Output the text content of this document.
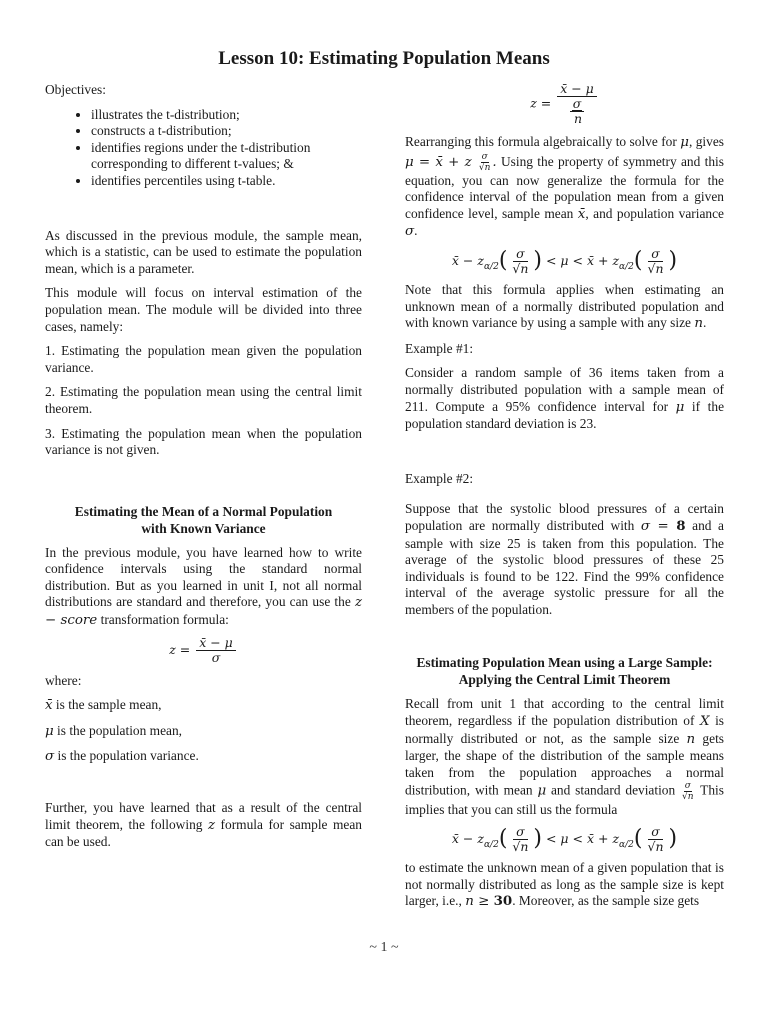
Lesson 10: Estimating Population Means

Objectives:

• illustrates the t-distribution;
• constructs a t-distribution;
• identifies regions under the t-distribution corresponding to different t-values; &
• identifies percentiles using t-table.

As discussed in the previous module, the sample mean, which is a statistic, can be used to estimate the population mean, which is a parameter.

This module will focus on interval estimation of the population mean. The module will be divided into three cases, namely:

1. Estimating the population mean given the population variance.

2. Estimating the population mean using the central limit theorem.

3. Estimating the population mean when the population variance is not given.

Estimating the Mean of a Normal Population
with Known Variance

In the previous module, you have learned how to write confidence intervals using the standard normal distribution. But as you learned in unit I, not all normal distributions are standard and therefore, you can use the z − score transformation formula:

$z = \frac{x̄ - \mu}{\sigma}$

where:

x̄ is the sample mean,

μ is the population mean,

σ is the population variance.

Further, you have learned that as a result of the central limit theorem, the following z formula for sample mean can be used.

$z = \frac{x̄ - \mu}{\frac{\sigma}{n}}$

Rearranging this formula algebraically to solve for μ, gives μ = x̄ + z $\frac{\sigma}{√n}$ . Using the property of symmetry and this equation, you can now generalize the formula for the confidence interval of the population mean from a given confidence level, sample mean x̄, and population variance σ.

x̄ − $z_{\alpha/2}( \frac{\sigma}{√n}$ ) < μ < x̄ + $z_{\alpha/2}( \frac{\sigma}{√n}$ )

Note that this formula applies when estimating an unknown mean of a normally distributed population and with known variance by using a sample with any size n.

Example #1:

Consider a random sample of 36 items taken from a normally distributed population with a sample mean of 211. Compute a 95% confidence interval for μ if the population standard deviation is 23.

Example #2:

Suppose that the systolic blood pressures of a certain population are normally distributed with σ = 8 and a sample with size 25 is taken from this population. The average of the systolic blood pressures of these 25 individuals is found to be 122. Find the 99% confidence interval of the average systolic pressure for all the members of the population.

Estimating Population Mean using a Large Sample:
Applying the Central Limit Theorem

Recall from unit 1 that according to the central limit theorem, regardless if the population distribution of X is normally distributed or not, as the sample size n gets larger, the shape of the distribution of the sample means taken from the population approaches a normal distribution, with mean μ and standard deviation $\frac{\sigma}{√n}$ This implies that you can still us the formula

x̄ − $z_{\alpha/2}( \frac{\sigma}{√n}$ ) < μ < x̄ + $z_{\alpha/2}( \frac{\sigma}{√n}$ )

to estimate the unknown mean of a given population that is not normally distributed as long as the sample size is kept larger, i.e., n ≥ 30. Moreover, as the sample size gets

~ 1 ~
